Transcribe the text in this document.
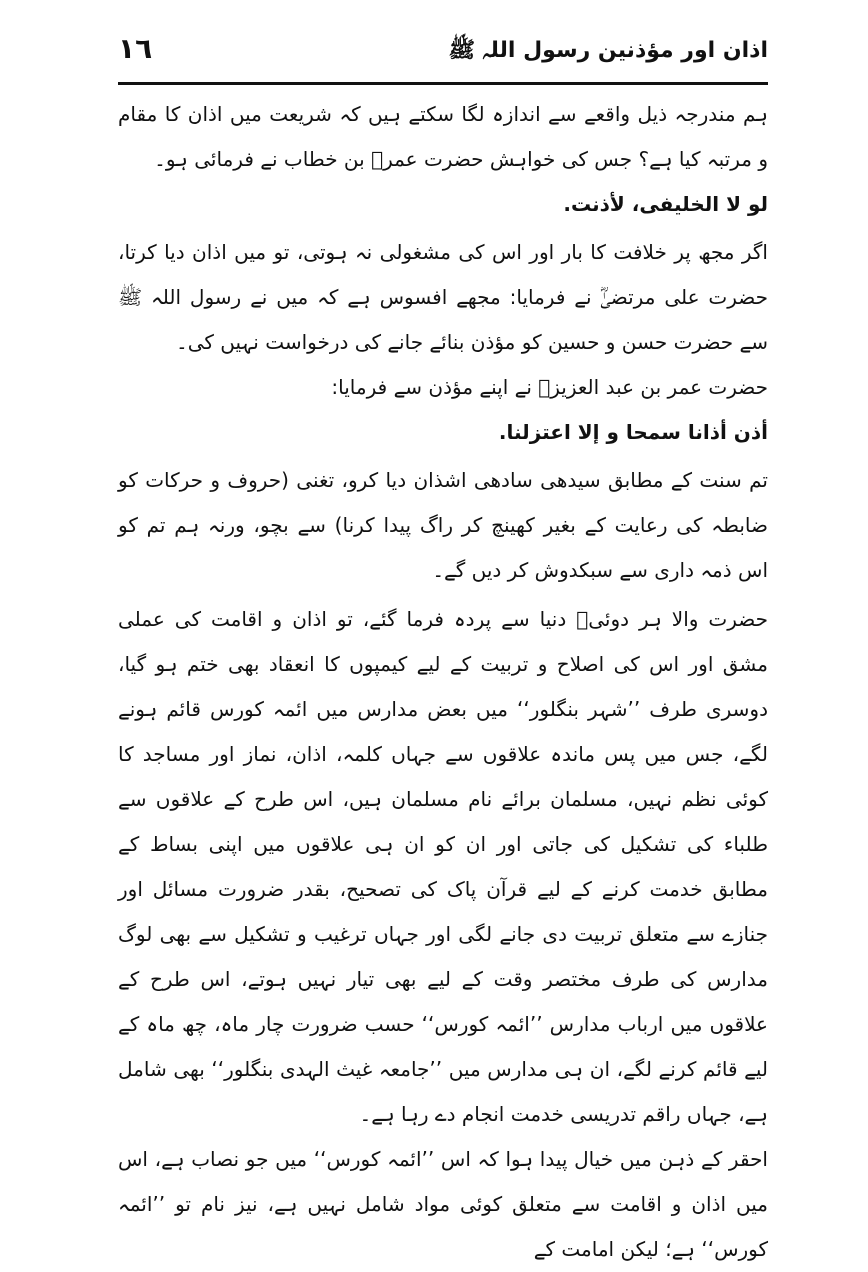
اذان اور مؤذنین رسول اللہ ﷺ
١٦

ہم مندرجہ ذیل واقعے سے اندازہ لگا سکتے ہیں کہ شریعت میں اذان کا مقام و مرتبہ کیا ہے؟ جس کی خواہش حضرت عمرؓ بن خطاب نے فرمائی ہو۔

لو لا الخليفى، لأذنت.

اگر مجھ پر خلافت کا بار اور اس کی مشغولی نہ ہوتی، تو میں اذان دیا کرتا، حضرت علی مرتضیٰؓ نے فرمایا: مجھے افسوس ہے کہ میں نے رسول اللہ ﷺ سے حضرت حسن و حسین کو مؤذن بنائے جانے کی درخواست نہیں کی۔

حضرت عمر بن عبد العزیزؒ نے اپنے مؤذن سے فرمایا:

أذن أذانا سمحا و إلا اعتزلنا.

تم سنت کے مطابق سیدھی سادھی اشذان دیا کرو، تغنی (حروف و حرکات کو ضابطہ کی رعایت کے بغیر کھینچ کر راگ پیدا کرنا) سے بچو، ورنہ ہم تم کو اس ذمہ داری سے سبکدوش کر دیں گے۔

حضرت والا ہر دوئیؒ دنیا سے پردہ فرما گئے، تو اذان و اقامت کی عملی مشق اور اس کی اصلاح و تربیت کے لیے کیمپوں کا انعقاد بھی ختم ہو گیا، دوسری طرف ’’شہر بنگلور‘‘ میں بعض مدارس میں ائمہ کورس قائم ہونے لگے، جس میں پس ماندہ علاقوں سے جہاں کلمہ، اذان، نماز اور مساجد کا کوئی نظم نہیں، مسلمان برائے نام مسلمان ہیں، اس طرح کے علاقوں سے طلباء کی تشکیل کی جاتی اور ان کو ان ہی علاقوں میں اپنی بساط کے مطابق خدمت کرنے کے لیے قرآن پاک کی تصحیح، بقدر ضرورت مسائل اور جنازے سے متعلق تربیت دی جانے لگی اور جہاں ترغیب و تشکیل سے بھی لوگ مدارس کی طرف مختصر وقت کے لیے بھی تیار نہیں ہوتے، اس طرح کے علاقوں میں ارباب مدارس ’’ائمہ کورس‘‘ حسب ضرورت چار ماہ، چھ ماہ کے لیے قائم کرنے لگے، ان ہی مدارس میں ’’جامعہ غیث الہدی بنگلور‘‘ بھی شامل ہے، جہاں راقم تدریسی خدمت انجام دے رہا ہے۔

احقر کے ذہن میں خیال پیدا ہوا کہ اس ’’ائمہ کورس‘‘ میں جو نصاب ہے، اس میں اذان و اقامت سے متعلق کوئی مواد شامل نہیں ہے، نیز نام تو ’’ائمہ کورس‘‘ ہے؛ لیکن امامت کے
